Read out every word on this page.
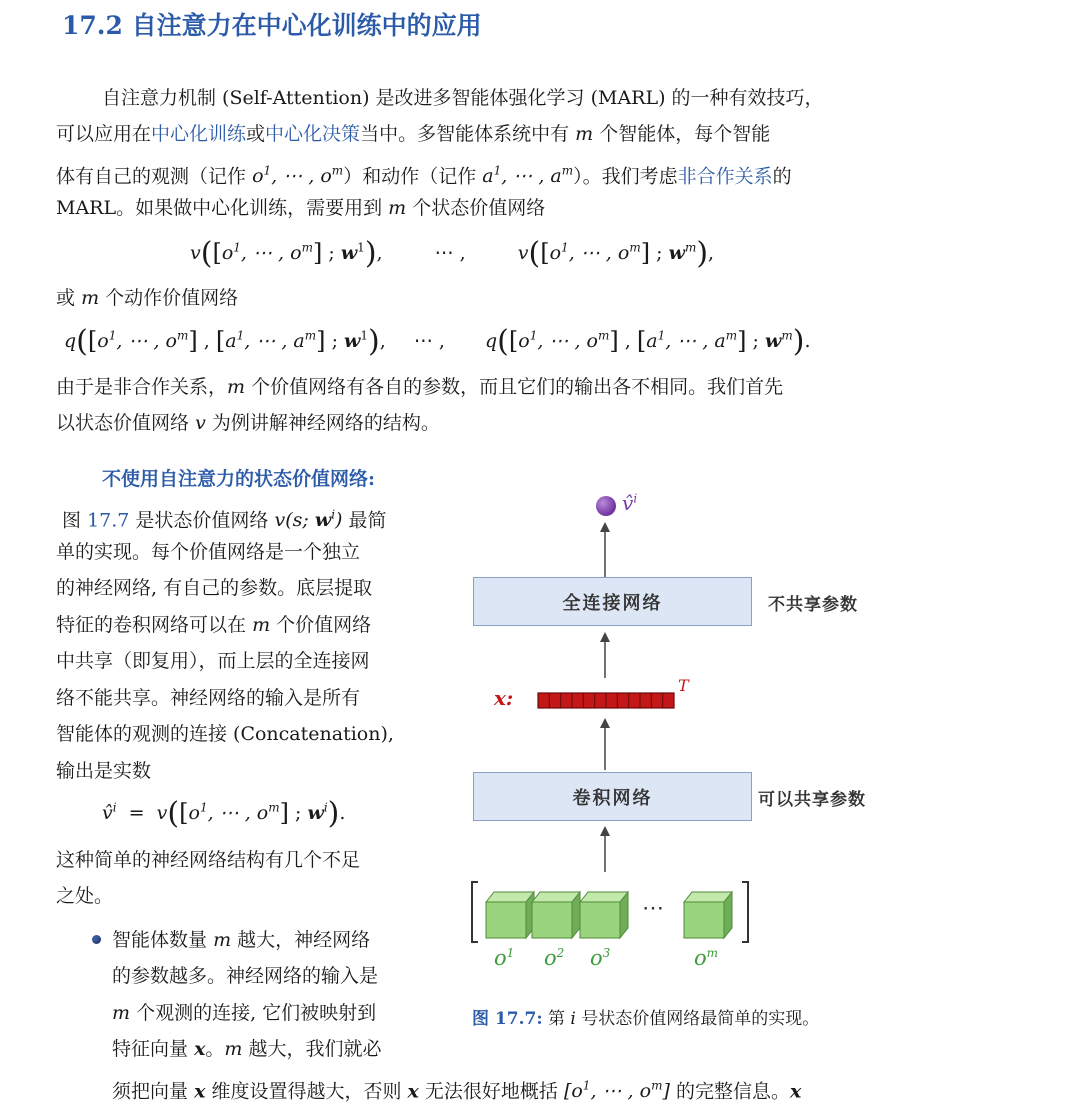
17.2 自注意力在中心化训练中的应用
自注意力机制 (Self-Attention) 是改进多智能体强化学习 (MARL) 的一种有效技巧，
可以应用在中心化训练或中心化决策当中。多智能体系统中有 m 个智能体，每个智能
体有自己的观测（记作 $o^1$, ⋯ , $o^m$）和动作（记作 $a^1$, ⋯ , $a^m$）。我们考虑非合作关系的
MARL。如果做中心化训练，需要用到 m 个状态价值网络
$v([o^1$, ⋯ , $o^m$] ; $w^1$), ⋯ ,	$v([o^1$, ⋯ , $o^m$] ; $w^m$),
或 m 个动作价值网络
$q([o^1$, ⋯ , $o^m$] , [$a^1$, ⋯ , $a^m$] ; $w^1$), ⋯ , $q([o^1$, ⋯ , $o^m$] , [$a^1$, ⋯ , $a^m$] ; $w^m$).
由于是非合作关系，m 个价值网络有各自的参数，而且它们的输出各不相同。我们首先
以状态价值网络 v 为例讲解神经网络的结构。
不使用自注意力的状态价值网络:
图 17.7 是状态价值网络 v(s; $w^i$) 最简
单的实现。每个价值网络是一个独立
的神经网络, 有自己的参数。底层提取
特征的卷积网络可以在 m 个价值网络
中共享（即复用），而上层的全连接网
络不能共享。神经网络的输入是所有
智能体的观测的连接 (Concatenation),
输出是实数
v̂$^i$  =  $v([o^1$, ⋯ , $o^m$] ; $w^i$).
这种简单的神经网络结构有几个不足
之处。
智能体数量 m 越大，神经网络
的参数越多。神经网络的输入是
m 个观测的连接, 它们被映射到
特征向量 x。m 越大，我们就必
须把向量 x 维度设置得越大，否则 x 无法很好地概括 [$o^1$, ⋯ , $o^m$] 的完整信息。x
v̂$^i$
全连接网络	不共享参数
x:
T
卷积网络	可以共享参数
⋯
$o^1$ $o^2$ $o^3$	$o^m$
图 17.7: 第 i 号状态价值网络最简单的实现。
